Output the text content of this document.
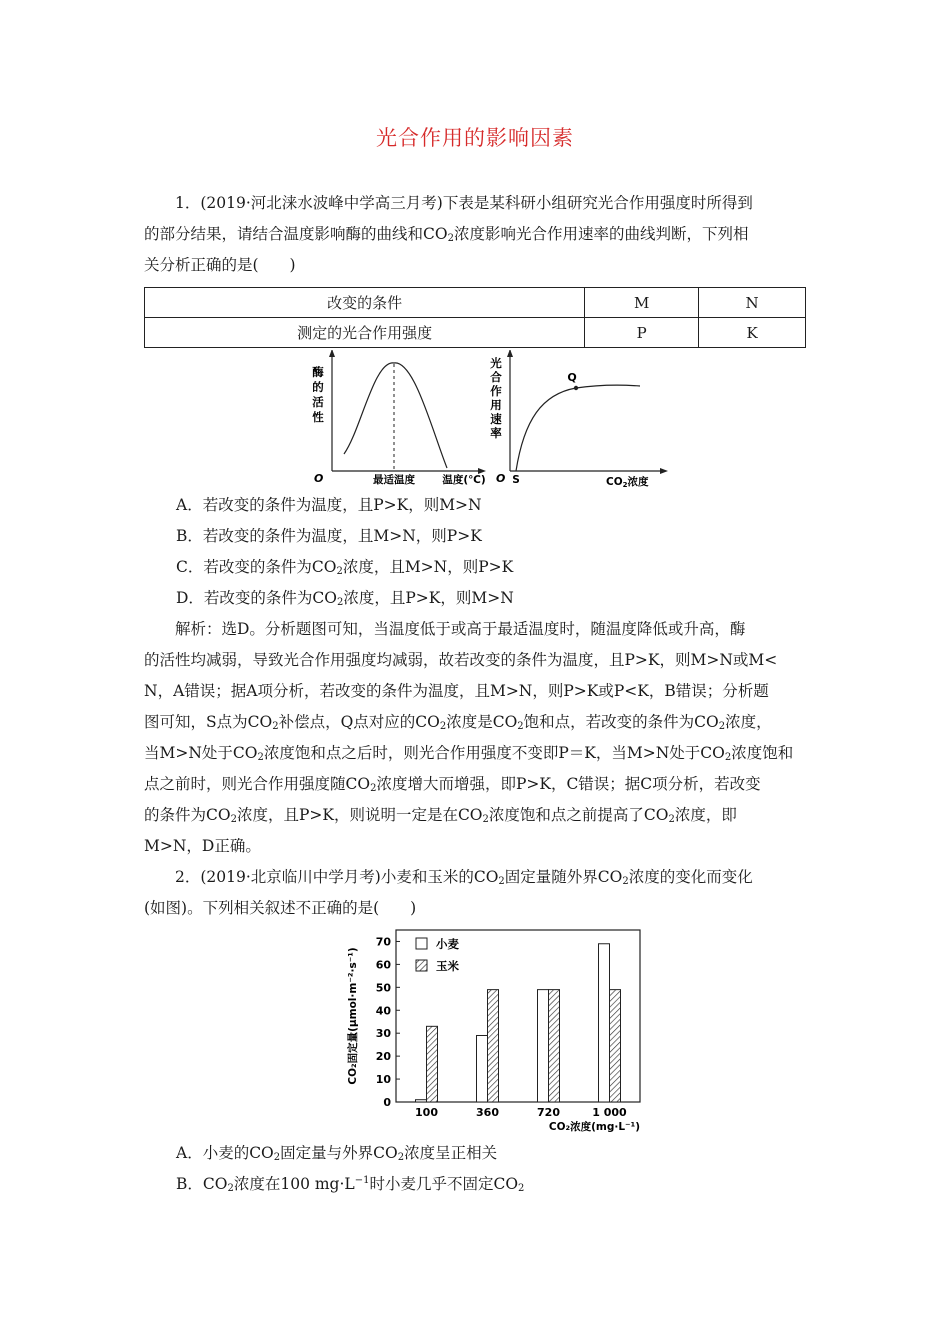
光合作用的影响因素
1．(2019·河北涞水波峰中学高三月考)下表是某科研小组研究光合作用强度时所得到
的部分结果，请结合温度影响酶的曲线和$CO_2$浓度影响光合作用速率的曲线判断，下列相
关分析正确的是(　　)
改变的条件	M	N
测定的光合作用强度	P	K
酶
的
活
性
O	最适温度	温度(℃)
光
合
作
用
速
率
Q
O S	CO2浓度
A．若改变的条件为温度，且P>K，则M>N
B．若改变的条件为温度，且M>N，则P>K
C．若改变的条件为$CO_2$浓度，且M>N，则P>K
D．若改变的条件为$CO_2$浓度，且P>K，则M>N
解析：选D。分析题图可知，当温度低于或高于最适温度时，随温度降低或升高，酶
的活性均减弱，导致光合作用强度均减弱，故若改变的条件为温度，且P>K，则M>N或M<
N，A错误；据A项分析，若改变的条件为温度，且M>N，则P>K或P<K，B错误；分析题
图可知，S点为$CO_2$补偿点，Q点对应的$CO_2$浓度是$CO_2$饱和点，若改变的条件为$CO_2$浓度，
当M>N处于$CO_2$浓度饱和点之后时，则光合作用强度不变即P＝K，当M>N处于$CO_2$浓度饱和
点之前时，则光合作用强度随$CO_2$浓度增大而增强，即P>K，C错误；据C项分析，若改变
的条件为$CO_2$浓度，且P>K，则说明一定是在$CO_2$浓度饱和点之前提高了$CO_2$浓度，即
M>N，D正确。
2．(2019·北京临川中学月考)小麦和玉米的$CO_2$固定量随外界$CO_2$浓度的变化而变化
(如图)。下列相关叙述不正确的是(　　)
CO₂固定量(μmol·m⁻²·s⁻¹)
0
10
20
30
40
50
60
70
100	360	720	1 000
小麦
玉米
CO₂浓度(mg·L⁻¹)
A．小麦的$CO_2$固定量与外界$CO_2$浓度呈正相关
B．$CO_2$浓度在100 $mg\cdot L^{-1}$时小麦几乎不固定$CO_2$
